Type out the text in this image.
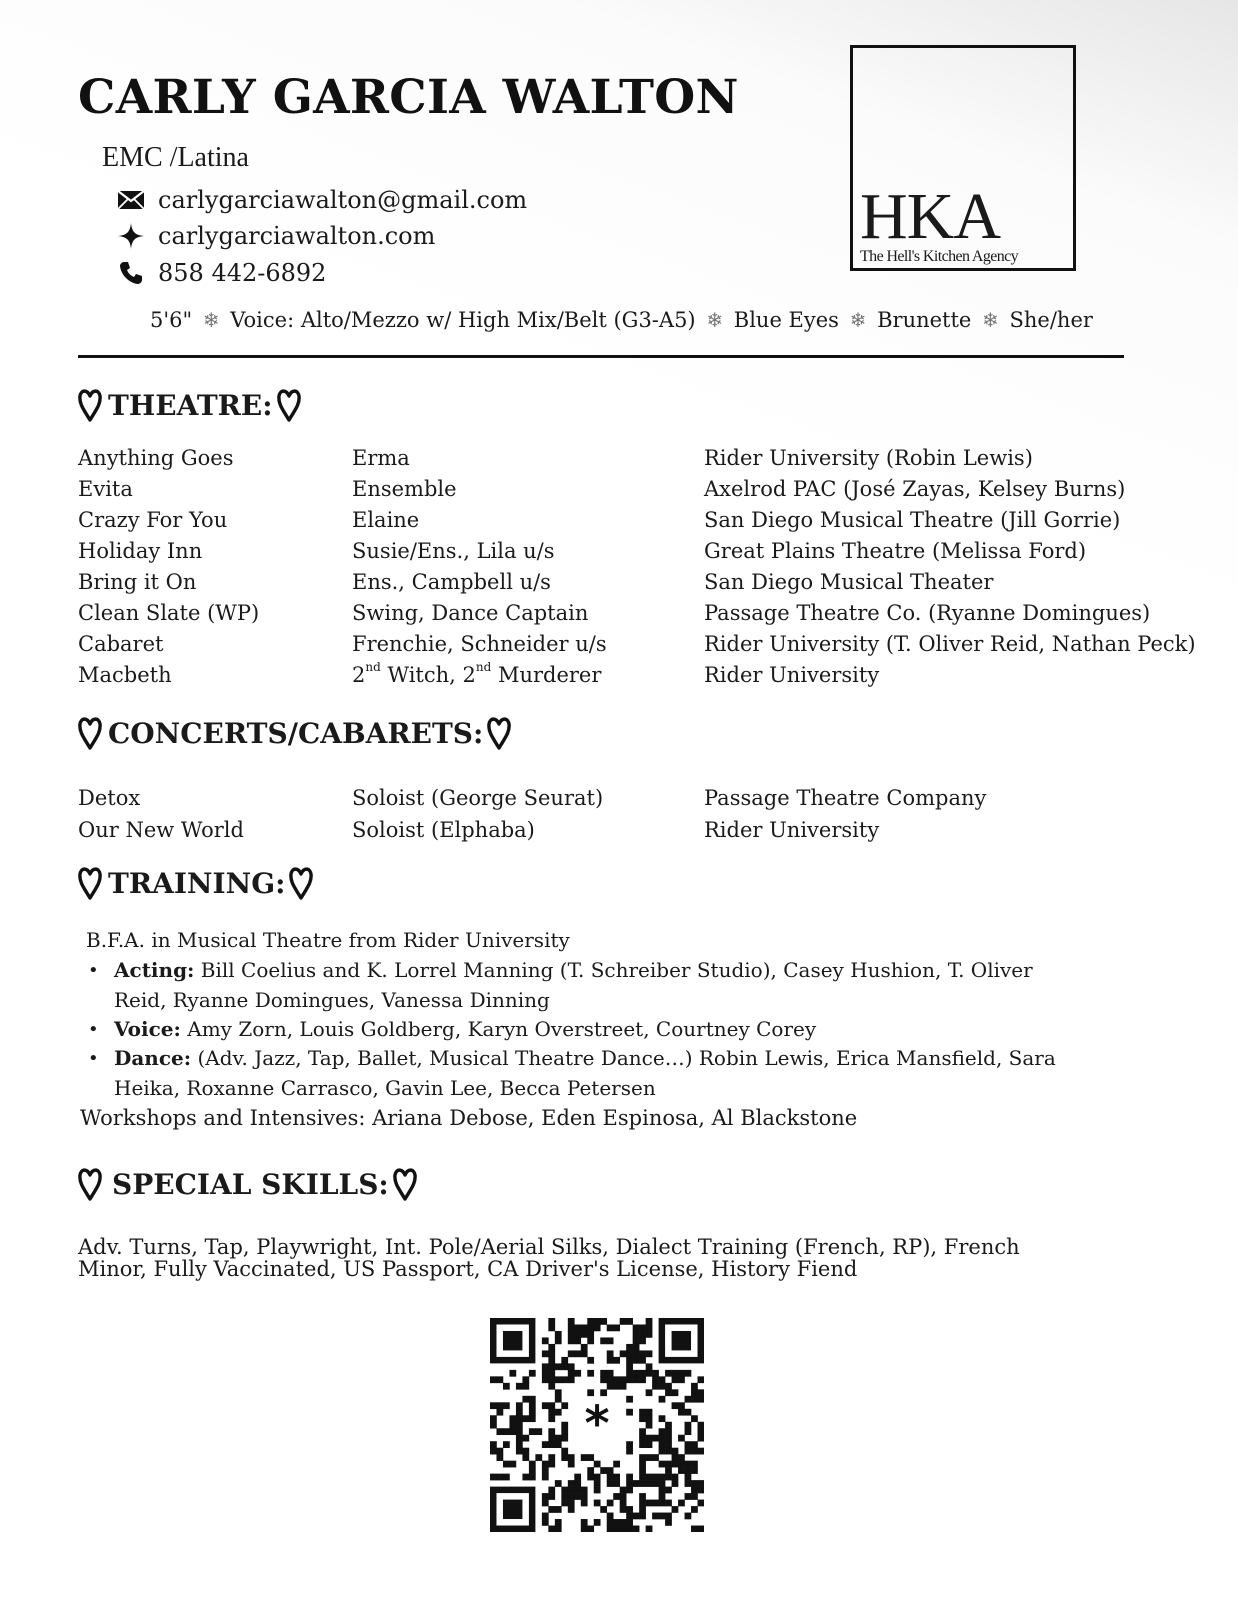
CARLY GARCIA WALTON
EMC /Latina
carlygarciawalton@gmail.com
carlygarciawalton.com
858 442-6892
5'6" ❄ Voice: Alto/Mezzo w/ High Mix/Belt (G3-A5) ❄ Blue Eyes ❄ Brunette ❄ She/her
HKA
The Hell's Kitchen Agency
THEATRE:
Anything Goes	Erma	Rider University (Robin Lewis)
Evita	Ensemble	Axelrod PAC (José Zayas, Kelsey Burns)
Crazy For You	Elaine	San Diego Musical Theatre (Jill Gorrie)
Holiday Inn	Susie/Ens., Lila u/s	Great Plains Theatre (Melissa Ford)
Bring it On	Ens., Campbell u/s	San Diego Musical Theater
Clean Slate (WP)	Swing, Dance Captain	Passage Theatre Co. (Ryanne Domingues)
Cabaret	Frenchie, Schneider u/s	Rider University (T. Oliver Reid, Nathan Peck)
Macbeth	2nd Witch, 2nd Murderer	Rider University
CONCERTS/CABARETS:
Detox	Soloist (George Seurat)	Passage Theatre Company
Our New World	Soloist (Elphaba)	Rider University
TRAINING:
B.F.A. in Musical Theatre from Rider University
• Acting: Bill Coelius and K. Lorrel Manning (T. Schreiber Studio), Casey Hushion, T. Oliver
Reid, Ryanne Domingues, Vanessa Dinning
• Voice: Amy Zorn, Louis Goldberg, Karyn Overstreet, Courtney Corey
• Dance: (Adv. Jazz, Tap, Ballet, Musical Theatre Dance…) Robin Lewis, Erica Mansfield, Sara
Heika, Roxanne Carrasco, Gavin Lee, Becca Petersen
Workshops and Intensives: Ariana Debose, Eden Espinosa, Al Blackstone
SPECIAL SKILLS:
Adv. Turns, Tap, Playwright, Int. Pole/Aerial Silks, Dialect Training (French, RP), French
Minor, Fully Vaccinated, US Passport, CA Driver's License, History Fiend
*
